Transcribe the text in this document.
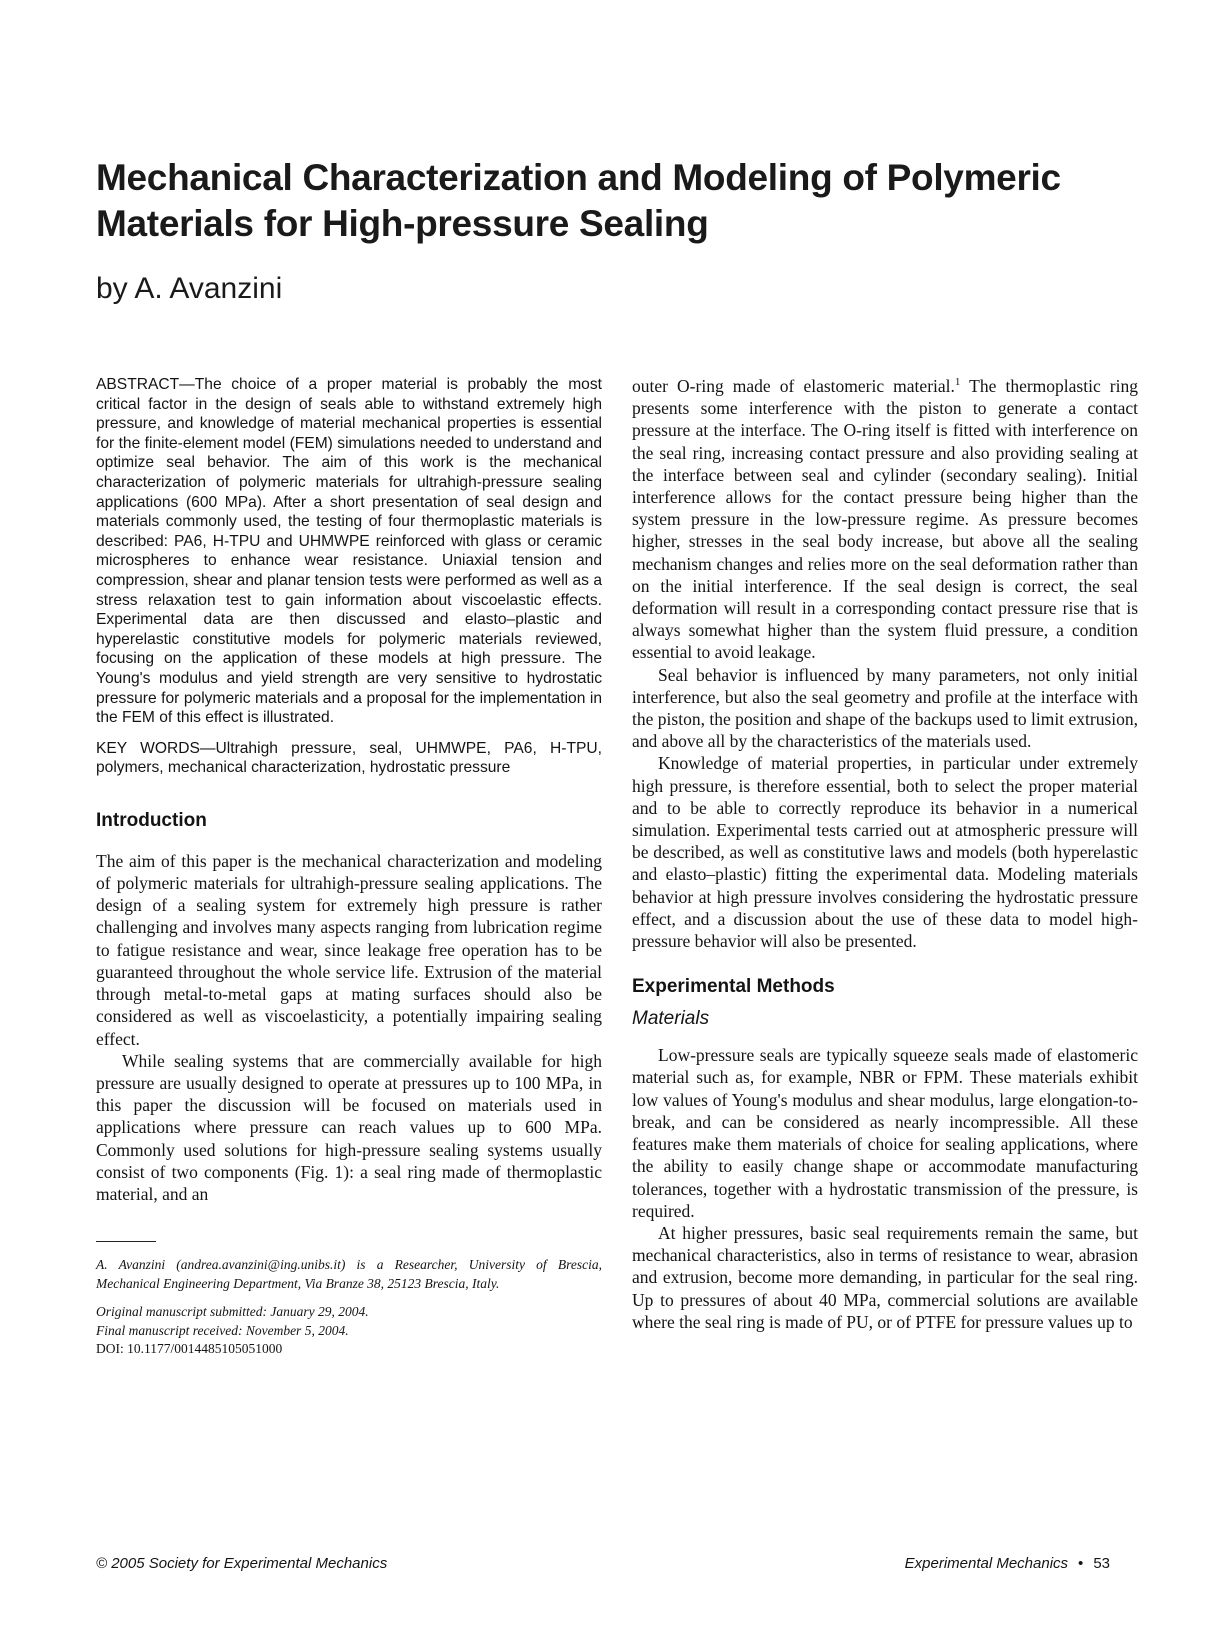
Mechanical Characterization and Modeling of Polymeric Materials for High-pressure Sealing
by A. Avanzini

ABSTRACT—The choice of a proper material is probably the most critical factor in the design of seals able to withstand extremely high pressure, and knowledge of material mechanical properties is essential for the finite-element model (FEM) simulations needed to understand and optimize seal behavior. The aim of this work is the mechanical characterization of polymeric materials for ultrahigh-pressure sealing applications (600 MPa). After a short presentation of seal design and materials commonly used, the testing of four thermoplastic materials is described: PA6, H-TPU and UHMWPE reinforced with glass or ceramic microspheres to enhance wear resistance. Uniaxial tension and compression, shear and planar tension tests were performed as well as a stress relaxation test to gain information about viscoelastic effects. Experimental data are then discussed and elasto–plastic and hyperelastic constitutive models for polymeric materials reviewed, focusing on the application of these models at high pressure. The Young's modulus and yield strength are very sensitive to hydrostatic pressure for polymeric materials and a proposal for the implementation in the FEM of this effect is illustrated.

KEY WORDS—Ultrahigh pressure, seal, UHMWPE, PA6, H-TPU, polymers, mechanical characterization, hydrostatic pressure

Introduction

The aim of this paper is the mechanical characterization and modeling of polymeric materials for ultrahigh-pressure sealing applications. The design of a sealing system for extremely high pressure is rather challenging and involves many aspects ranging from lubrication regime to fatigue resistance and wear, since leakage free operation has to be guaranteed throughout the whole service life. Extrusion of the material through metal-to-metal gaps at mating surfaces should also be considered as well as viscoelasticity, a potentially impairing sealing effect.

While sealing systems that are commercially available for high pressure are usually designed to operate at pressures up to 100 MPa, in this paper the discussion will be focused on materials used in applications where pressure can reach values up to 600 MPa. Commonly used solutions for high-pressure sealing systems usually consist of two components (Fig. 1): a seal ring made of thermoplastic material, and an

A. Avanzini (andrea.avanzini@ing.unibs.it) is a Researcher, University of Brescia, Mechanical Engineering Department, Via Branze 38, 25123 Brescia, Italy.

Original manuscript submitted: January 29, 2004.

Final manuscript received: November 5, 2004.

DOI: 10.1177/0014485105051000

outer O-ring made of elastomeric material.$^1$ The thermoplastic ring presents some interference with the piston to generate a contact pressure at the interface. The O-ring itself is fitted with interference on the seal ring, increasing contact pressure and also providing sealing at the interface between seal and cylinder (secondary sealing). Initial interference allows for the contact pressure being higher than the system pressure in the low-pressure regime. As pressure becomes higher, stresses in the seal body increase, but above all the sealing mechanism changes and relies more on the seal deformation rather than on the initial interference. If the seal design is correct, the seal deformation will result in a corresponding contact pressure rise that is always somewhat higher than the system fluid pressure, a condition essential to avoid leakage.

Seal behavior is influenced by many parameters, not only initial interference, but also the seal geometry and profile at the interface with the piston, the position and shape of the backups used to limit extrusion, and above all by the characteristics of the materials used.

Knowledge of material properties, in particular under extremely high pressure, is therefore essential, both to select the proper material and to be able to correctly reproduce its behavior in a numerical simulation. Experimental tests carried out at atmospheric pressure will be described, as well as constitutive laws and models (both hyperelastic and elasto–plastic) fitting the experimental data. Modeling materials behavior at high pressure involves considering the hydrostatic pressure effect, and a discussion about the use of these data to model high-pressure behavior will also be presented.

Experimental Methods
Materials

Low-pressure seals are typically squeeze seals made of elastomeric material such as, for example, NBR or FPM. These materials exhibit low values of Young's modulus and shear modulus, large elongation-to-break, and can be considered as nearly incompressible. All these features make them materials of choice for sealing applications, where the ability to easily change shape or accommodate manufacturing tolerances, together with a hydrostatic transmission of the pressure, is required.

At higher pressures, basic seal requirements remain the same, but mechanical characteristics, also in terms of resistance to wear, abrasion and extrusion, become more demanding, in particular for the seal ring. Up to pressures of about 40 MPa, commercial solutions are available where the seal ring is made of PU, or of PTFE for pressure values up to

© 2005 Society for Experimental Mechanics	Experimental Mechanics • 53
